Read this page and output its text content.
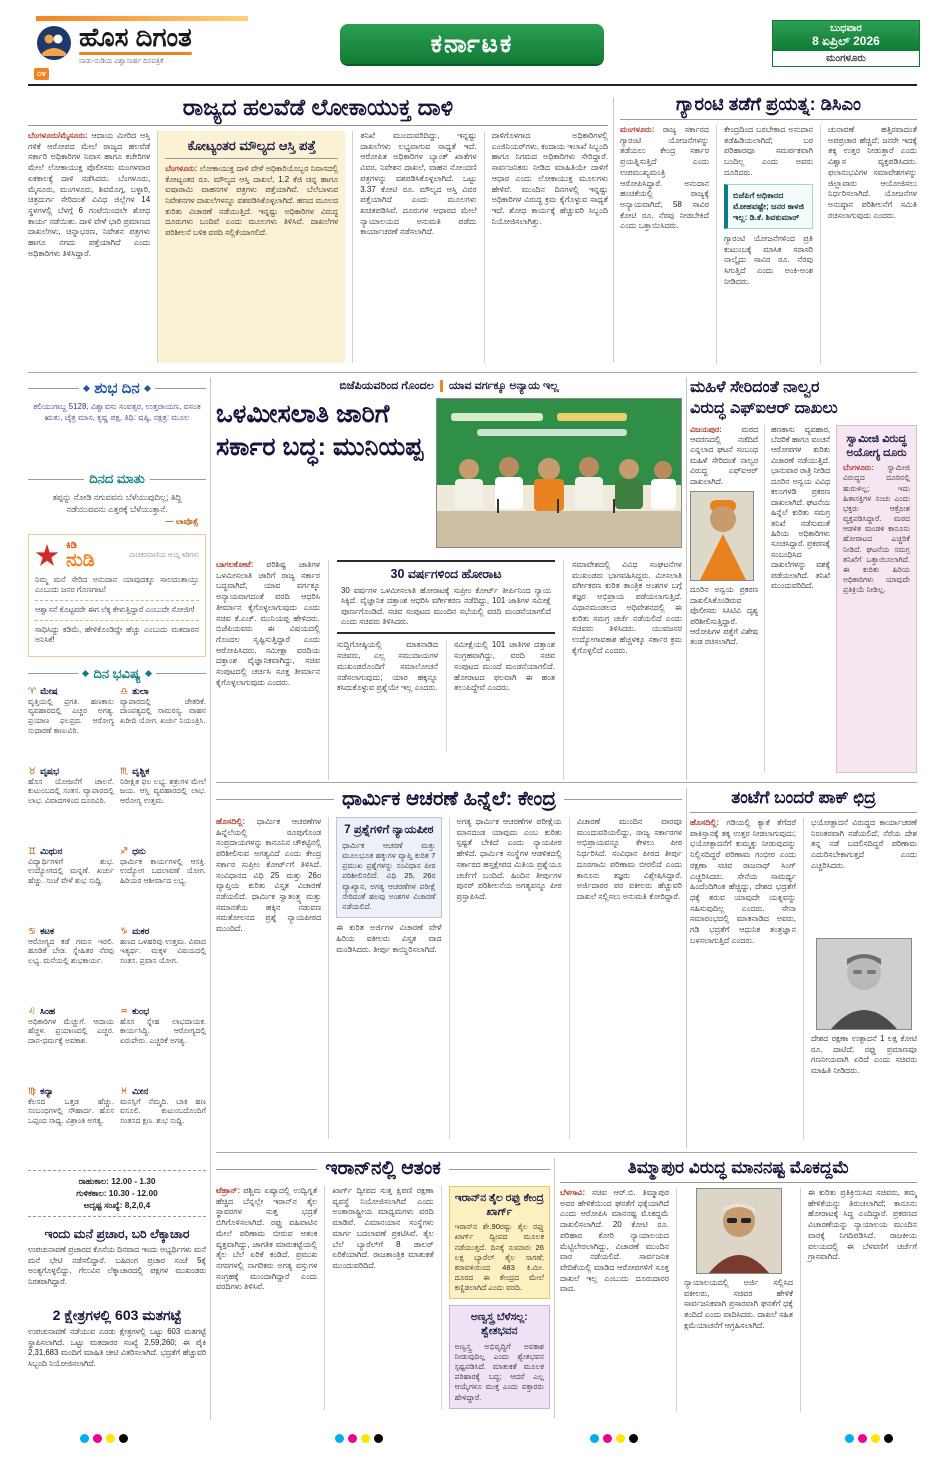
ಹೊಸ ದಿಗಂತ
ನಾಡು-ನುಡಿಯ ವಿಶ್ವಾಸಾರ್ಹ ದಿನಪತ್ರಿಕೆ
೦೪
ಕರ್ನಾಟಕ
ಬುಧವಾರ
8 ಏಪ್ರಿಲ್ 2026
ಮಂಗಳೂರು
ರಾಜ್ಯದ ಹಲವೆಡೆ ಲೋಕಾಯುಕ್ತ ದಾಳಿ

ಬೆಂಗಳೂರು/ಮೈಸೂರು: ಆದಾಯ ಮೀರಿದ ಆಸ್ತಿ ಗಳಿಕೆ ಆರೋಪದ ಮೇಲೆ ರಾಜ್ಯದ ಹಲವೆಡೆ ಸರ್ಕಾರಿ ಅಧಿಕಾರಿಗಳ ನಿವಾಸ ಹಾಗೂ ಕಚೇರಿಗಳ ಮೇಲೆ ಲೋಕಾಯುಕ್ತ ಪೊಲೀಸರು ಮಂಗಳವಾರ ಏಕಕಾಲಕ್ಕೆ ದಾಳಿ ನಡೆಸಿದರು. ಬೆಂಗಳೂರು, ಮೈಸೂರು, ಮಂಗಳೂರು, ಶಿವಮೊಗ್ಗ, ಬಳ್ಳಾರಿ, ಚಿತ್ರದುರ್ಗ ಸೇರಿದಂತೆ ವಿವಿಧ ಜಿಲ್ಲೆಗಳ 14 ಸ್ಥಳಗಳಲ್ಲಿ ಬೆಳಗ್ಗೆ 6 ಗಂಟೆಯಿಂದಲೇ ಶೋಧ ಕಾರ್ಯ ನಡೆಯಿತು. ದಾಳಿ ವೇಳೆ ಭಾರಿ ಪ್ರಮಾಣದ ದಾಖಲೆಗಳು, ಚಿನ್ನಾಭರಣ, ನಿವೇಶನ ಪತ್ರಗಳು ಹಾಗೂ ನಗದು ಪತ್ತೆಯಾಗಿದೆ ಎಂದು ಅಧಿಕಾರಿಗಳು ತಿಳಿಸಿದ್ದಾರೆ.

ಕೋಟ್ಯಂತರ ಮೌಲ್ಯದ ಆಸ್ತಿ ಪತ್ತೆ

ಬೆಂಗಳೂರು: ಲೋಕಾಯುಕ್ತ ದಾಳಿ ವೇಳೆ ಅಧಿಕಾರಿಯೊಬ್ಬರ ನಿವಾಸದಲ್ಲಿ ಕೋಟ್ಯಂತರ ರೂ. ಮೌಲ್ಯದ ಆಸ್ತಿ ದಾಖಲೆ, 1.2 ಕೆಜಿ ಚಿನ್ನ ಹಾಗೂ ಐಷಾರಾಮಿ ವಾಹನಗಳ ಪತ್ರಗಳು ಪತ್ತೆಯಾಗಿವೆ. ಬೆಲೆಬಾಳುವ ನಿವೇಶನಗಳ ದಾಖಲೆಗಳನ್ನೂ ವಶಪಡಿಸಿಕೊಳ್ಳಲಾಗಿದೆ. ಹಣದ ಮೂಲದ ಕುರಿತು ವಿಚಾರಣೆ ನಡೆಯುತ್ತಿದೆ. ಇನ್ನಷ್ಟು ಅಧಿಕಾರಿಗಳ ವಿರುದ್ಧ ದೂರುಗಳು ಬಂದಿವೆ ಎಂದು ಮೂಲಗಳು ತಿಳಿಸಿವೆ. ದಾಖಲೆಗಳ ಪರಿಶೀಲನೆ ಬಳಿಕ ವರದಿ ಸಲ್ಲಿಕೆಯಾಗಲಿದೆ.

ತನಿಖೆ ಮುಂದುವರಿದಿದ್ದು, ಇನ್ನಷ್ಟು ದಾಖಲೆಗಳು ಲಭ್ಯವಾಗುವ ಸಾಧ್ಯತೆ ಇದೆ. ಆರೋಪಿತ ಅಧಿಕಾರಿಗಳ ಬ್ಯಾಂಕ್ ಖಾತೆಗಳ ವಿವರ, ನಿವೇಶನ ದಾಖಲೆ, ವಾಹನ ನೋಂದಣಿ ಪತ್ರಗಳನ್ನು ವಶಪಡಿಸಿಕೊಳ್ಳಲಾಗಿದೆ. ಒಟ್ಟು 3.37 ಕೋಟಿ ರೂ. ಮೌಲ್ಯದ ಆಸ್ತಿ ವಿವರ ಪತ್ತೆಯಾಗಿದೆ ಎಂದು ಮೂಲಗಳು ಖಚಿತಪಡಿಸಿವೆ. ದೂರುಗಳ ಆಧಾರದ ಮೇಲೆ ನ್ಯಾಯಾಲಯದ ಅನುಮತಿ ಪಡೆದು ಕಾರ್ಯಾಚರಣೆ ನಡೆಸಲಾಗಿದೆ.

ದಾಳಿಗೊಳಗಾದ ಅಧಿಕಾರಿಗಳಲ್ಲಿ ಎಂಜಿನಿಯರ್‌ಗಳು, ಕಂದಾಯ ಇಲಾಖೆ ಸಿಬ್ಬಂದಿ ಹಾಗೂ ನಿಗಮದ ಅಧಿಕಾರಿಗಳು ಸೇರಿದ್ದಾರೆ. ಸಾರ್ವಜನಿಕರು ನೀಡಿದ ಮಾಹಿತಿಯೇ ದಾಳಿಗೆ ಆಧಾರ ಎಂದು ಲೋಕಾಯುಕ್ತ ಮೂಲಗಳು ಹೇಳಿವೆ. ಮುಂದಿನ ದಿನಗಳಲ್ಲಿ ಇನ್ನಷ್ಟು ಅಧಿಕಾರಿಗಳ ವಿರುದ್ಧ ಕ್ರಮ ಕೈಗೊಳ್ಳುವ ಸಾಧ್ಯತೆ ಇದೆ. ಶೋಧ ಕಾರ್ಯಕ್ಕೆ ಹೆಚ್ಚುವರಿ ಸಿಬ್ಬಂದಿ ನಿಯೋಜಿಸಲಾಗಿತ್ತು.

ಗ್ಯಾರಂಟಿ ತಡೆಗೆ ಪ್ರಯತ್ನ: ಡಿಸಿಎಂ

ಮಂಗಳೂರು: ರಾಜ್ಯ ಸರ್ಕಾರದ ಗ್ಯಾರಂಟಿ ಯೋಜನೆಗಳನ್ನು ತಡೆಯಲು ಕೇಂದ್ರ ಸರ್ಕಾರ ಪ್ರಯತ್ನಿಸುತ್ತಿದೆ ಎಂದು ಉಪಮುಖ್ಯಮಂತ್ರಿ ಆರೋಪಿಸಿದ್ದಾರೆ. ಅನುದಾನ ಹಂಚಿಕೆಯಲ್ಲಿ ರಾಜ್ಯಕ್ಕೆ ಅನ್ಯಾಯವಾಗಿದೆ; 58 ಸಾವಿರ ಕೋಟಿ ರೂ. ನೆರವು ನೀಡಬೇಕಿದೆ ಎಂದು ಒತ್ತಾಯಿಸಿದರು.

ಕೇಂದ್ರದಿಂದ ಬರಬೇಕಾದ ಅನುದಾನ ತಡೆಹಿಡಿಯಲಾಗಿದೆ; ಬರ ಪರಿಹಾರವೂ ಸಮರ್ಪಕವಾಗಿ ಬಂದಿಲ್ಲ ಎಂದು ಅವರು ದೂರಿದರು.

ಬಿಜೆಪಿಗೆ ಅಧಿಕಾರದ ಮೋಹವಷ್ಟೇ; ಜನರ ಕಾಳಜಿ ಇಲ್ಲ: ಡಿ.ಕೆ. ಶಿವಕುಮಾರ್

ಗ್ಯಾರಂಟಿ ಯೋಜನೆಗಳಿಂದ ಪ್ರತಿ ಕುಟುಂಬಕ್ಕೆ ಮಾಸಿಕ ಸರಾಸರಿ ನಾಲ್ಕೈದು ಸಾವಿರ ರೂ. ನೆರವು ಸಿಗುತ್ತಿದೆ ಎಂದು ಅಂಕಿ-ಅಂಶ ನೀಡಿದರು.

ಚುನಾವಣೆ ಹತ್ತಿರವಾದಂತೆ ಅಪಪ್ರಚಾರ ಹೆಚ್ಚಿದೆ; ಜನರೇ ಇದಕ್ಕೆ ತಕ್ಕ ಉತ್ತರ ನೀಡುತ್ತಾರೆ ಎಂದು ವಿಶ್ವಾಸ ವ್ಯಕ್ತಪಡಿಸಿದರು. ಫಲಾನುಭವಿಗಳ ಸಮಾವೇಶಗಳನ್ನು ಜಿಲ್ಲಾವಾರು ಆಯೋಜಿಸಲು ನಿರ್ಧರಿಸಲಾಗಿದೆ. ಯೋಜನೆಗಳ ಅನುಷ್ಠಾನ ಪರಿಶೀಲನೆಗೆ ಸಮಿತಿ ರಚಿಸಲಾಗುವುದು ಎಂದರು.

ಶುಭ ದಿನ
ಕಲಿಯುಗಾಬ್ದ 5128, ವಿಶ್ವಾವಸು ಸಂವತ್ಸರ, ಉತ್ತರಾಯಣ, ವಸಂತ ಋತು, ಚೈತ್ರ ಮಾಸ, ಕೃಷ್ಣ ಪಕ್ಷ, ತಿಥಿ: ಷಷ್ಠಿ, ನಕ್ಷತ್ರ: ಮೂಲ
ದಿನದ ಮಾತು
ತಪ್ಪನ್ನು ನೋಡಿ ನಗುವವನು ಬೆಳೆಯುವುದಿಲ್ಲ; ತಿದ್ದಿ ನಡೆಯುವವನು ಎತ್ತರಕ್ಕೆ ಬೆಳೆಯುತ್ತಾನೆ.
— ಲಾವೊತ್ಸೆ
ಕಿಡಿ
ನುಡಿ	ವಾಚಕರವಾಣಿಯ ಆಯ್ದ ಕಿಡಿಗಳು
ನಿಮ್ಮ ಮನೆ ಸೇರಿದ ಅನುದಾನ ಯಾವುದಕ್ಕೂ ಸಾಲದಂತಾಯ್ತು ಎಂಬುದು ಜನರ ಗೊಣಗಾಟ!
ಆಶ್ವಾಸನೆ ಕೊಟ್ಟವರೇ ಈಗ ಲೆಕ್ಕ ಕೇಳುತ್ತಿದ್ದಾರೆ ಎಂಬುದೇ ಸೋಜಿಗ!
ಸಾಧಿಸಿದ್ದು ಕಡಿಮೆ, ಹೇಳಿಕೊಂಡಿದ್ದೇ ಹೆಚ್ಚು ಎಂಬುದು ಮತದಾರನ ಅನಿಸಿಕೆ!
ದಿನ ಭವಿ‍ಷ್ಯ
♈ ಮೇಷ
ವೃತ್ತಿಯಲ್ಲಿ ಪ್ರಗತಿ. ಹಣಕಾಸು ವ್ಯವಹಾರದಲ್ಲಿ ಎಚ್ಚರ ಅಗತ್ಯ. ಪ್ರಯಾಣ ಫಲಪ್ರದ. ಆರೋಗ್ಯ ಸುಧಾರಣೆ ಕಾಣುವಿರಿ.
♎ ತುಲಾ
ವ್ಯಾಪಾರದಲ್ಲಿ ಚೇತರಿಕೆ. ದಾಂಪತ್ಯದಲ್ಲಿ ಸಾಮರಸ್ಯ. ವಾಹನ ಖರೀದಿ ಯೋಗ. ಖರ್ಚು ನಿಯಂತ್ರಿಸಿ.
♉ ವೃಷಭ
ಹೊಸ ಯೋಜನೆಗೆ ಚಾಲನೆ. ಕುಟುಂಬದಲ್ಲಿ ಸಂತಸ. ವ್ಯಾಪಾರದಲ್ಲಿ ಲಾಭ. ವಿವಾದಗಳಿಂದ ದೂರವಿರಿ.
♏ ವೃಶ್ಚಿಕ
ನಿರೀಕ್ಷಿತ ಫಲ ಲಭ್ಯ. ಶತ್ರುಗಳ ಮೇಲೆ ಜಯ. ಆಸ್ತಿ ವ್ಯವಹಾರದಲ್ಲಿ ಲಾಭ. ಆರೋಗ್ಯ ಉತ್ತಮ.
♊ ಮಿಥುನ
ವಿದ್ಯಾರ್ಥಿಗಳಿಗೆ ಶುಭ. ಉದ್ಯೋಗದಲ್ಲಿ ಮನ್ನಣೆ. ಖರ್ಚು ಹೆಚ್ಚು. ಸಂಜೆ ವೇಳೆ ಶುಭ ಸುದ್ದಿ.
♐ ಧನು
ಧಾರ್ಮಿಕ ಕಾರ್ಯಗಳಲ್ಲಿ ಆಸಕ್ತಿ. ಉದ್ಯೋಗ ಬದಲಾವಣೆ ಯೋಗ. ಹಿರಿಯರ ಆಶೀರ್ವಾದ ಲಭ್ಯ.
♋ ಕಟಕ
ಆರೋಗ್ಯದ ಕಡೆ ಗಮನ ಇರಲಿ. ಹೂಡಿಕೆ ಬೇಡ. ಸ್ನೇಹಿತರ ನೆರವು ಲಭ್ಯ. ಮನೆಯಲ್ಲಿ ಶುಭಕಾರ್ಯ.
♑ ಮಕರ
ಹಣದ ಒಳಹರಿವು ಉತ್ತಮ. ವಿವಾದ ಇತ್ಯರ್ಥ. ಮಕ್ಕಳ ವಿಷಯದಲ್ಲಿ ಸಂತಸ. ಪ್ರವಾಸ ಯೋಗ.
♌ ಸಿಂಹ
ಅಧಿಕಾರಿಗಳ ಮೆಚ್ಚುಗೆ. ಆದಾಯ ಹೆಚ್ಚಳ. ಪ್ರಯಾಣದಲ್ಲಿ ಎಚ್ಚರ. ದಾನ-ಧರ್ಮಕ್ಕೆ ಅವಕಾಶ.
♒ ಕುಂಭ
ಹೊಸ ಸ್ನೇಹ ಲಾಭದಾಯಕ. ಕಾರ್ಯಸಿದ್ಧಿ. ಆರೋಗ್ಯದಲ್ಲಿ ಏರುಪೇರು. ಎಚ್ಚರಿಕೆ ಅಗತ್ಯ.
♍ ಕನ್ಯಾ
ಕೆಲಸದ ಒತ್ತಡ ಹೆಚ್ಚು. ಸಂಬಂಧಗಳಲ್ಲಿ ಸೌಹಾರ್ದ. ಹೊಸ ಒಪ್ಪಂದ ಸಾಧ್ಯ. ವಿಶ್ರಾಂತಿ ಅಗತ್ಯ.
♓ ಮೀನ
ಮನಸ್ಸಿಗೆ ನೆಮ್ಮದಿ. ಬಾಕಿ ಹಣ ವಸೂಲಿ. ಕುಟುಂಬದೊಂದಿಗೆ ಸಂತಸದ ಕ್ಷಣ. ಶುಭ ಸುದ್ದಿ.
ರಾಹುಕಾಲ: 12.00 - 1.30
ಗುಳಿಕಕಾಲ: 10.30 - 12.00
ಅದೃಷ್ಟ ಸಂಖ್ಯೆ: 8,2,0,4
ಇಂದು ಮನೆ ಪ್ರಚಾರ, ಬರಿ ಲೆಕ್ಕಾಚಾರ

ಉಪಚುನಾವಣೆ ಪ್ರಚಾರದ ಕೊನೆಯ ದಿನವಾದ ಇಂದು ಅಭ್ಯರ್ಥಿಗಳು ಮನೆ ಮನೆ ಭೇಟಿ ನಡೆಸಲಿದ್ದಾರೆ. ಬಹಿರಂಗ ಪ್ರಚಾರ ಸಂಜೆ 5ಕ್ಕೆ ಅಂತ್ಯಗೊಳ್ಳಲಿದ್ದು, ಗೆಲುವಿನ ಲೆಕ್ಕಾಚಾರದಲ್ಲಿ ಪಕ್ಷಗಳ ಮುಖಂಡರು ನಿರತರಾಗಿದ್ದಾರೆ.

2 ಕ್ಷೇತ್ರಗಳಲ್ಲಿ 603 ಮತಗಟ್ಟೆ

ಉಪಚುನಾವಣೆ ನಡೆಯುವ ಎರಡು ಕ್ಷೇತ್ರಗಳಲ್ಲಿ ಒಟ್ಟು 603 ಮತಗಟ್ಟೆ ಸ್ಥಾಪಿಸಲಾಗಿದೆ. ಒಟ್ಟು ಮತದಾರರ ಸಂಖ್ಯೆ 2,59,260; ಈ ಪೈಕಿ 2,31,683 ಮಂದಿಗೆ ಮಾಹಿತಿ ಚೀಟಿ ವಿತರಿಸಲಾಗಿದೆ. ಭದ್ರತೆಗೆ ಹೆಚ್ಚುವರಿ ಸಿಬ್ಬಂದಿ ನಿಯೋಜಿಸಲಾಗಿದೆ.

ಬಿಜೆಪಿಯವರಿಂದ ಗೊಂದಲ ಯಾವ ವರ್ಗಕ್ಕೂ ಅನ್ಯಾಯ ಇಲ್ಲ
ಒಳಮೀಸಲಾತಿ ಜಾರಿಗೆ
ಸರ್ಕಾರ ಬದ್ಧ: ಮುನಿಯಪ್ಪ

ಬಾಗಲಕೋಟೆ: ಪರಿಶಿಷ್ಟ ಜಾತಿಗಳ ಒಳಮೀಸಲಾತಿ ಜಾರಿಗೆ ರಾಜ್ಯ ಸರ್ಕಾರ ಬದ್ಧವಾಗಿದೆ; ಯಾವ ವರ್ಗಕ್ಕೂ ಅನ್ಯಾಯವಾಗದಂತೆ ವರದಿ ಆಧರಿಸಿ ತೀರ್ಮಾನ ಕೈಗೊಳ್ಳಲಾಗುವುದು ಎಂದು ಸಚಿವ ಕೆ.ಎಚ್. ಮುನಿಯಪ್ಪ ಹೇಳಿದರು. ಬಿಜೆಪಿಯವರು ಈ ವಿಷಯದಲ್ಲಿ ಗೊಂದಲ ಸೃಷ್ಟಿಸುತ್ತಿದ್ದಾರೆ ಎಂದು ಆರೋಪಿಸಿದರು. ಸಮೀಕ್ಷಾ ವರದಿಯ ದತ್ತಾಂಶ ವೈಜ್ಞಾನಿಕವಾಗಿದ್ದು, ಸಚಿವ ಸಂಪುಟದಲ್ಲಿ ಚರ್ಚಿಸಿ ಸೂಕ್ತ ತೀರ್ಮಾನ ಕೈಗೊಳ್ಳಲಾಗುವುದು ಎಂದರು.

30 ವರ್ಷಗಳಿಂದ ಹೋರಾಟ

30 ವರ್ಷಗಳ ಒಳಮೀಸಲಾತಿ ಹೋರಾಟಕ್ಕೆ ಸುಪ್ರೀಂ ಕೋರ್ಟ್ ತೀರ್ಪಿನಿಂದ ನ್ಯಾಯ ಸಿಕ್ಕಿದೆ. ವೈಜ್ಞಾನಿಕ ದತ್ತಾಂಶ ಆಧರಿಸಿ ವರ್ಗೀಕರಣ ನಡೆದಿದ್ದು, 101 ಜಾತಿಗಳ ಸಮೀಕ್ಷೆ ಪೂರ್ಣಗೊಂಡಿದೆ. ಸಚಿವ ಸಂಪುಟದ ಮುಂದಿನ ಸಭೆಯಲ್ಲಿ ವರದಿ ಮಂಡನೆಯಾಗಲಿದೆ ಎಂದು ಸಚಿವರು ತಿಳಿಸಿದರು.

ಸುದ್ದಿಗೋಷ್ಠಿಯಲ್ಲಿ ಮಾತನಾಡಿದ ಸಚಿವರು, ಎಲ್ಲ ಸಮುದಾಯಗಳ ಮುಖಂಡರೊಂದಿಗೆ ಸಮಾಲೋಚನೆ ನಡೆಸಲಾಗುವುದು; ಯಾರ ಹಕ್ಕನ್ನೂ ಕಸಿದುಕೊಳ್ಳುವ ಪ್ರಶ್ನೆಯೇ ಇಲ್ಲ ಎಂದರು.

ಸಮೀಕ್ಷೆಯಲ್ಲಿ 101 ಜಾತಿಗಳ ದತ್ತಾಂಶ ಸಂಗ್ರಹವಾಗಿದ್ದು, ವರದಿ ಸಚಿವ ಸಂಪುಟದ ಮುಂದೆ ಮಂಡನೆಯಾಗಲಿದೆ. ಹೋರಾಟದ ಫಲವಾಗಿ ಈ ಹಂತ ತಲುಪಿದ್ದೇವೆ ಎಂದರು.

ಸಮಾವೇಶದಲ್ಲಿ ವಿವಿಧ ಸಂಘಟನೆಗಳ ಮುಖಂಡರು ಭಾಗವಹಿಸಿದ್ದರು. ಮೀಸಲಾತಿ ವರ್ಗೀಕರಣ ಕುರಿತ ತಾಂತ್ರಿಕ ಅಂಶಗಳ ಬಗ್ಗೆ ತಜ್ಞರ ಅಭಿಪ್ರಾಯ ಪಡೆಯಲಾಗುತ್ತಿದೆ. ವಿಧಾನಮಂಡಲದ ಅಧಿವೇಶನದಲ್ಲಿ ಈ ಕುರಿತು ಸಮಗ್ರ ಚರ್ಚೆ ನಡೆಯಲಿದೆ ಎಂದು ಸಚಿವರು ತಿಳಿಸಿದರು. ಯುವಜನರ ಉದ್ಯೋಗಾವಕಾಶ ಹೆಚ್ಚಳಕ್ಕೂ ಸರ್ಕಾರ ಕ್ರಮ ಕೈಗೊಳ್ಳಲಿದೆ ಎಂದರು.

ಮಹಿಳೆ ಸೇರಿದಂತೆ ನಾಲ್ವರ
ವಿರುದ್ಧ ಎಫ್‌ಐಆರ್ ದಾಖಲು

ವಿಜಯಪುರ:	ಮಠದ ಆವರಣದಲ್ಲಿ ನಡೆದಿದೆ ಎನ್ನಲಾದ ಘಟನೆ ಸಂಬಂಧ ಮಹಿಳೆ ಸೇರಿದಂತೆ ನಾಲ್ವರ ವಿರುದ್ಧ ಎಫ್‌ಐಆರ್ ದಾಖಲಾಗಿದೆ.

ದೂರಿನ ಅನ್ವಯ ಪ್ರಕರಣ ದಾಖಲಿಸಿಕೊಂಡಿರುವ ಪೊಲೀಸರು ಸಿಸಿಟಿವಿ ದೃಶ್ಯ ಪರಿಶೀಲಿಸುತ್ತಿದ್ದಾರೆ. ಆರೋಪಿಗಳ ಪತ್ತೆಗೆ ವಿಶೇಷ ತಂಡ ರಚಿಸಲಾಗಿದೆ.

ಹಣಕಾಸು ವ್ಯವಹಾರ, ಬೆದರಿಕೆ ಹಾಗೂ ವಂಚನೆ ಆರೋಪಗಳ ಕುರಿತು ವಿಚಾರಣೆ ನಡೆಯುತ್ತಿದೆ. ಭಾನುವಾರ ರಾತ್ರಿ ನೀಡಿದ ದೂರಿನ ಅನ್ವಯ ವಿವಿಧ ಕಲಂಗಳಡಿ ಪ್ರಕರಣ ದಾಖಲಾಗಿದೆ. ಘಟನೆಯ ಹಿನ್ನೆಲೆ ಕುರಿತು ಸಮಗ್ರ ತನಿಖೆ ನಡೆಸುವಂತೆ ಹಿರಿಯ ಅಧಿಕಾರಿಗಳು ಸೂಚಿಸಿದ್ದಾರೆ. ಪ್ರಕರಣಕ್ಕೆ ಸಂಬಂಧಿಸಿದ ದಾಖಲೆಗಳನ್ನು ವಶಕ್ಕೆ ಪಡೆಯಲಾಗಿದೆ. ತನಿಖೆ ಮುಂದುವರಿದಿದೆ.

ಸ್ವಾಮೀಜಿ ವಿರುದ್ಧ ಅಯೋಗ್ಯ ದೂರು

ಬೆಂಗಳೂರು: ಸ್ವಾಮೀಜಿ ವಿರುದ್ಧದ ದೂರಿನಲ್ಲಿ ಹುರುಳಿಲ್ಲ; ಇದು ಹಿತಾಸಕ್ತಿಗಳ ಸಂಚು ಎಂದು ಭಕ್ತರು ಆಕ್ರೋಶ ವ್ಯಕ್ತಪಡಿಸಿದ್ದಾರೆ. ಮಠದ ಆಡಳಿತ ಮಂಡಳಿ ಕಾನೂನು ಹೋರಾಟದ ಎಚ್ಚರಿಕೆ ನೀಡಿದೆ. ಘಟನೆಯ ಸಮಗ್ರ ತನಿಖೆಗೆ ಒತ್ತಾಯಿಸಲಾಗಿದೆ. ಈ ಕುರಿತು ಹಿರಿಯ ಅಧಿಕಾರಿಗಳು ಯಾವುದೇ ಪ್ರತಿಕ್ರಿಯೆ ನೀಡಿಲ್ಲ.

ಧಾರ್ಮಿಕ ಆಚರಣೆ ಹಿನ್ನೆಲೆ: ಕೇಂದ್ರ

ಹೊಸದಿಲ್ಲಿ: ಧಾರ್ಮಿಕ ಆಚರಣೆಗಳ ಹಿನ್ನೆಲೆಯಲ್ಲಿ ರೂಪುಗೊಂಡ ಸಂಪ್ರದಾಯಗಳನ್ನು ಕಾನೂನಿನ ಚೌಕಟ್ಟಿನಲ್ಲಿ ಪರಿಶೀಲಿಸುವ ಅಗತ್ಯವಿದೆ ಎಂದು ಕೇಂದ್ರ ಸರ್ಕಾರ ಸುಪ್ರೀಂ ಕೋರ್ಟ್‌ಗೆ ತಿಳಿಸಿದೆ. ಸಂವಿಧಾನದ ವಿಧಿ 25 ಮತ್ತು 26ರ ವ್ಯಾಪ್ತಿಯ ಕುರಿತು ವಿಸ್ತೃತ ವಿಚಾರಣೆ ನಡೆಯಲಿದೆ. ಧಾರ್ಮಿಕ ಸ್ವಾತಂತ್ರ್ಯ ಮತ್ತು ಸಮಾನತೆಯ ಹಕ್ಕಿನ ನಡುವಣ ಸಮತೋಲನದ ಪ್ರಶ್ನೆ ನ್ಯಾಯಪೀಠದ ಮುಂದಿದೆ.

7 ಪ್ರಶ್ನೆಗಳಿಗೆ ನ್ಯಾಯಪೀಠ

ಧಾರ್ಮಿಕ ಆಚರಣೆ ಮತ್ತು ಮೂಲಭೂತ ಹಕ್ಕುಗಳ ವ್ಯಾಪ್ತಿ ಕುರಿತ 7 ಪ್ರಮುಖ ಪ್ರಶ್ನೆಗಳನ್ನು ಸಂವಿಧಾನ ಪೀಠ ಪರಿಶೀಲಿಸಲಿದೆ. ವಿಧಿ 25, 26ರ ವ್ಯಾಖ್ಯಾನ, ಅಗತ್ಯ ಆಚರಣೆಗಳ ಪರೀಕ್ಷೆ ಸೇರಿದಂತೆ ಹಲವು ಅಂಶಗಳ ವಿಚಾರಣೆ ನಡೆಯಲಿದೆ.

ಈ ಕುರಿತ ಅರ್ಜಿಗಳ ವಿಚಾರಣೆ ವೇಳೆ ಹಿರಿಯ ವಕೀಲರು ವಿಸ್ತೃತ ವಾದ ಮಂಡಿಸಿದರು. ತೀರ್ಪು ಕಾಯ್ದಿರಿಸಲಾಗಿದೆ.

ಅಗತ್ಯ ಧಾರ್ಮಿಕ ಆಚರಣೆಗಳ ಪರೀಕ್ಷೆಯ ಮಾನದಂಡ ಯಾವುದು ಎಂಬ ಕುರಿತು ಸ್ಪಷ್ಟತೆ ಬೇಕಿದೆ ಎಂದು ನ್ಯಾಯಪೀಠ ಹೇಳಿದೆ. ಧಾರ್ಮಿಕ ಸಂಸ್ಥೆಗಳ ಆಡಳಿತದಲ್ಲಿ ಸರ್ಕಾರದ ಹಸ್ತಕ್ಷೇಪದ ಮಿತಿಯ ಪ್ರಶ್ನೆಯೂ ಚರ್ಚೆಗೆ ಬಂದಿದೆ. ಹಿಂದಿನ ತೀರ್ಪುಗಳ ಪುನರ್ ಪರಿಶೀಲನೆಯ ಅಗತ್ಯವನ್ನೂ ಪೀಠ ಪ್ರಸ್ತಾಪಿಸಿದೆ.

ವಿಚಾರಣೆ ಮುಂದಿನ ವಾರವೂ ಮುಂದುವರಿಯಲಿದ್ದು, ರಾಜ್ಯ ಸರ್ಕಾರಗಳ ಅಭಿಪ್ರಾಯವನ್ನೂ ಕೇಳಲು ಪೀಠ ನಿರ್ಧರಿಸಿದೆ. ಸಂವಿಧಾನ ಪೀಠದ ತೀರ್ಪು ದೂರಗಾಮಿ ಪರಿಣಾಮ ಬೀರಲಿದೆ ಎಂದು ಕಾನೂನು ತಜ್ಞರು ವಿಶ್ಲೇಷಿಸಿದ್ದಾರೆ. ಅರ್ಜಿದಾರರ ಪರ ವಕೀಲರು ಹೆಚ್ಚುವರಿ ದಾಖಲೆ ಸಲ್ಲಿಸಲು ಅನುಮತಿ ಕೋರಿದ್ದಾರೆ.

ತಂಟೆಗೆ ಬಂದರೆ ಪಾಕ್ ಛಿದ್ರ

ಹೊಸದಿಲ್ಲಿ: ಗಡಿಯಲ್ಲಿ ಕ್ಯಾತೆ ತೆಗೆದರೆ ಪಾಕಿಸ್ತಾನಕ್ಕೆ ತಕ್ಕ ಉತ್ತರ ನೀಡಲಾಗುವುದು; ಭಯೋತ್ಪಾದನೆಗೆ ಕುಮ್ಮಕ್ಕು ನೀಡುವುದನ್ನು ನಿಲ್ಲಿಸದಿದ್ದರೆ ಪರಿಣಾಮ ಗಂಭೀರ ಎಂದು ರಕ್ಷಣಾ ಸಚಿವ ರಾಜನಾಥ್ ಸಿಂಗ್ ಎಚ್ಚರಿಸಿದರು. ಸೇನೆಯ ಸಾಮರ್ಥ್ಯ ಹಿಂದೆಂದಿಗಿಂತ ಹೆಚ್ಚಿದ್ದು, ದೇಶದ ಭದ್ರತೆಗೆ ಧಕ್ಕೆ ತರುವ ಯಾವುದೇ ಯತ್ನವನ್ನು ಸಹಿಸುವುದಿಲ್ಲ ಎಂದರು. ಸೇನಾ ಸಮಾರಂಭದಲ್ಲಿ ಮಾತನಾಡಿದ ಅವರು, ಗಡಿ ಭದ್ರತೆಗೆ ಆಧುನಿಕ ತಂತ್ರಜ್ಞಾನ ಬಳಸಲಾಗುತ್ತಿದೆ ಎಂದರು.

ಭಯೋತ್ಪಾದನೆ ವಿರುದ್ಧದ ಕಾರ್ಯಾಚರಣೆ ನಿರಂತರವಾಗಿ ನಡೆಯಲಿದೆ; ನೆರೆಯ ದೇಶ ತನ್ನ ನಡೆ ಬದಲಿಸದಿದ್ದರೆ ಪರಿಣಾಮ ಎದುರಿಸಬೇಕಾಗುತ್ತದೆ ಎಂದು ಎಚ್ಚರಿಸಿದರು.

ದೇಶದ ರಕ್ಷಣಾ ಉತ್ಪಾದನೆ 1 ಲಕ್ಷ ಕೋಟಿ ರೂ. ದಾಟಿದೆ; ರಫ್ತು ಪ್ರಮಾಣವೂ ಗಣನೀಯವಾಗಿ ಏರಿದೆ ಎಂದು ಸಚಿವರು ಮಾಹಿತಿ ನೀಡಿದರು.

ಇರಾನ್‌ನಲ್ಲಿ ಆತಂಕ

ಟೆಹ್ರಾನ್: ಪಶ್ಚಿಮ ಏಷ್ಯಾದಲ್ಲಿ ಉದ್ವಿಗ್ನತೆ ಹೆಚ್ಚಿದ ಬೆನ್ನಲ್ಲೇ ಇರಾನ್‌ನ ತೈಲ ಸ್ಥಾವರಗಳ ಸುತ್ತ ಭದ್ರತೆ ಬಿಗಿಗೊಳಿಸಲಾಗಿದೆ. ರಫ್ತು ವಹಿವಾಟಿನ ಮೇಲೆ ಪರಿಣಾಮ ಬೀರುವ ಆತಂಕ ವ್ಯಕ್ತವಾಗಿದ್ದು, ಜಾಗತಿಕ ಮಾರುಕಟ್ಟೆಯಲ್ಲಿ ತೈಲ ಬೆಲೆ ಏರಿಕೆ ಕಂಡಿದೆ. ಪ್ರಮುಖ ನಗರಗಳಲ್ಲಿ ನಾಗರಿಕರು ಅಗತ್ಯ ವಸ್ತುಗಳ ಸಂಗ್ರಹಕ್ಕೆ ಮುಂದಾಗಿದ್ದಾರೆ ಎಂದು ವರದಿಗಳು ತಿಳಿಸಿವೆ.

ಖಾರ್ಗ್ ದ್ವೀಪದ ಸುತ್ತ ಕ್ಷಿಪಣಿ ರಕ್ಷಣಾ ವ್ಯವಸ್ಥೆ ನಿಯೋಜಿಸಲಾಗಿದೆ ಎಂದು ಅಂತಾರಾಷ್ಟ್ರೀಯ ಮಾಧ್ಯಮಗಳು ವರದಿ ಮಾಡಿವೆ. ವಿಮಾನಯಾನ ಸಂಸ್ಥೆಗಳು ಮಾರ್ಗ ಬದಲಾವಣೆ ಪ್ರಕಟಿಸಿವೆ. ತೈಲ ಬೆಲೆ ಬ್ಯಾರೆಲ್‌ಗೆ 8 ಡಾಲರ್ ಏರಿಕೆಯಾಗಿದೆ. ರಾಜತಾಂತ್ರಿಕ ಮಾತುಕತೆ ಮುಂದುವರಿದಿದೆ.

ಇರಾನ್‌ನ ತೈಲ ರಫ್ತು ಕೇಂದ್ರ ಖಾರ್ಗ್

ಇರಾನ್‌ನ ಶೇ.90ರಷ್ಟು ತೈಲ ರಫ್ತು ಖಾರ್ಗ್ ದ್ವೀಪದ ಮೂಲಕ ನಡೆಯುತ್ತದೆ. ದಿನಕ್ಕೆ ಸುಮಾರು 26 ಲಕ್ಷ ಬ್ಯಾರೆಲ್ ತೈಲ ಸಾಗಣೆ; ಕರಾವಳಿಯಿಂದ 483 ಕಿ.ಮೀ. ದೂರದ ಈ ಕೇಂದ್ರದ ಮೇಲೆ ಕಣ್ಣಿಡಲಾಗಿದೆ ಎಂದು ವರದಿ.

ಅಣ್ವಸ್ತ್ರ ಬೆಳೆಸಲ್ಲ: ಶ್ವೇತಭವನ

ಅಣ್ವಸ್ತ್ರ ಅಭಿವೃದ್ಧಿಗೆ ಅವಕಾಶ ನೀಡುವುದಿಲ್ಲ ಎಂದು ಶ್ವೇತಭವನ ಸ್ಪಷ್ಟಪಡಿಸಿದೆ. ಮಾತುಕತೆ ಮೂಲಕ ಪರಿಹಾರಕ್ಕೆ ಬದ್ಧ; ಆದರೆ ಎಲ್ಲ ಆಯ್ಕೆಗಳೂ ಮುಕ್ತ ಎಂದು ವಕ್ತಾರರು ಹೇಳಿದ್ದಾರೆ.

ತಿಮ್ಮಾಪುರ ವಿರುದ್ಧ ಮಾನನಷ್ಟ ಮೊಕದ್ದಮೆ

ಬೆಳಗಾವಿ: ಸಚಿವ ಆರ್.ಬಿ. ತಿಮ್ಮಾಪುರ ಅವರ ಹೇಳಿಕೆಯಿಂದ ಘನತೆಗೆ ಧಕ್ಕೆಯಾಗಿದೆ ಎಂದು ಆರೋಪಿಸಿ ಮಾನನಷ್ಟ ಮೊಕದ್ದಮೆ ದಾಖಲಿಸಲಾಗಿದೆ. 20 ಕೋಟಿ ರೂ. ಪರಿಹಾರ ಕೋರಿ ನ್ಯಾಯಾಲಯದ ಮೆಟ್ಟಿಲೇರಲಾಗಿದ್ದು, ವಿಚಾರಣೆ ಮುಂದಿನ ವಾರ ನಡೆಯಲಿದೆ. ಸಾರ್ವಜನಿಕ ವೇದಿಕೆಯಲ್ಲಿ ಮಾಡಿದ ಆರೋಪಗಳಿಗೆ ಸೂಕ್ತ ದಾಖಲೆ ಇಲ್ಲ ಎಂಬುದು ದೂರುದಾರರ ವಾದ.

ನ್ಯಾಯಾಲಯದಲ್ಲಿ ಅರ್ಜಿ ಸಲ್ಲಿಸಿದ ವಕೀಲರು, ಸಚಿವರ ಹೇಳಿಕೆ ಸಾರ್ವಜನಿಕವಾಗಿ ಪ್ರಸಾರವಾಗಿ ಘನತೆಗೆ ಧಕ್ಕೆ ತಂದಿದೆ ಎಂದು ವಾದಿಸಿದರು. ದಾಖಲೆ ಸಹಿತ ಕ್ಷಮೆಯಾಚನೆಗೆ ಆಗ್ರಹಿಸಲಾಗಿದೆ.

ಈ ಕುರಿತು ಪ್ರತಿಕ್ರಿಯಿಸಿದ ಸಚಿವರು, ತಮ್ಮ ಹೇಳಿಕೆಯನ್ನು ತಿರುಚಲಾಗಿದೆ; ಕಾನೂನು ಹೋರಾಟಕ್ಕೆ ಸಿದ್ಧ ಎಂದಿದ್ದಾರೆ. ಪ್ರಕರಣದ ವಿಚಾರಣೆಯನ್ನು ನ್ಯಾಯಾಲಯ ಮುಂದಿನ ವಾರಕ್ಕೆ ನಿಗದಿಪಡಿಸಿದೆ. ರಾಜಕೀಯ ವಲಯದಲ್ಲಿ ಈ ಬೆಳವಣಿಗೆ ಚರ್ಚೆಗೆ ಗ್ರಾಸವಾಗಿದೆ.
